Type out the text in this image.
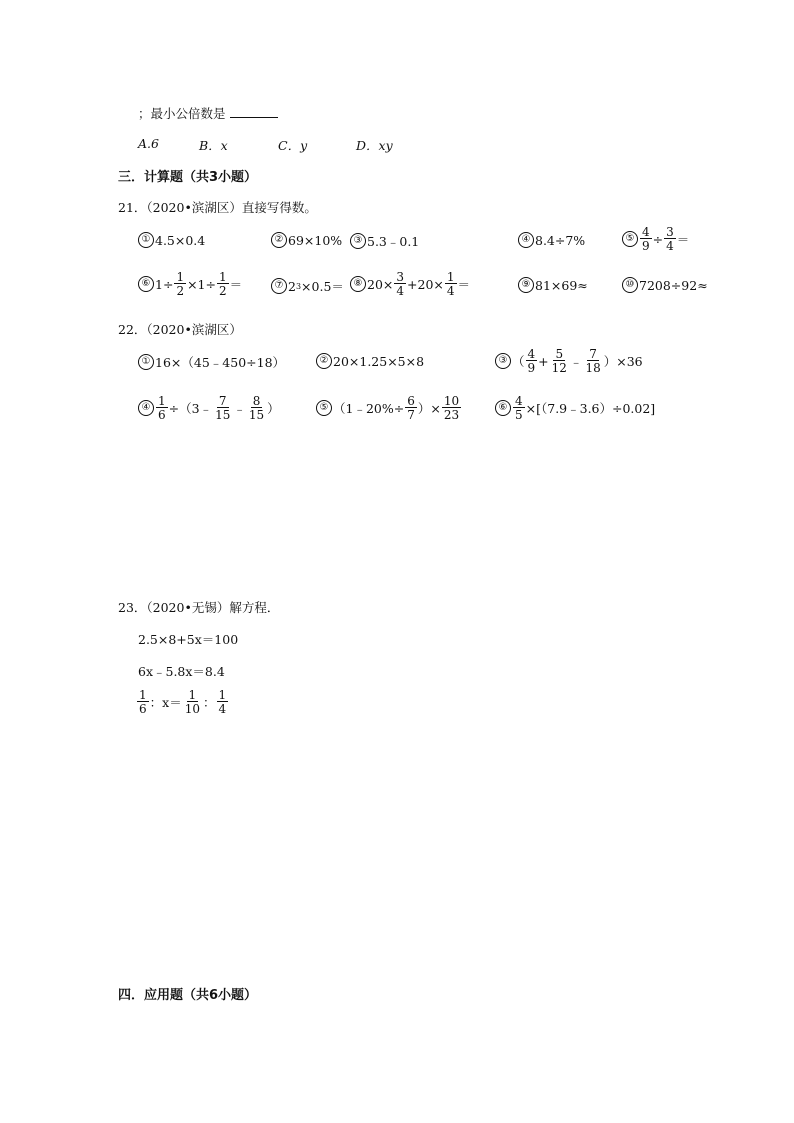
；最小公倍数是
A.6	B．x	C．y	D．xy
三．计算题（共3小题）
21．（2020•滨湖区）直接写得数。
① 4.5×0.4	② 69×10%	③ 5.3﹣0.1	④ 8.4÷7%	⑤ $\frac{4}{9} \div \frac{3}{4}$ ＝
⑥ $1\div \frac{1}{2} \times 1\div \frac{1}{2}$ ＝	⑦ 2 3 ×0.5＝ ⑧ $20\times \frac{3}{4} +20\times \frac{1}{4}$ ＝	⑨ 81×69≈	⑩ 7208÷92≈
22．（2020•滨湖区）
① 16×（45﹣450÷18）	② 20×1.25×5×8	③ （ $\frac{4}{9} + \frac{5}{12}$ ﹣ $\frac{7}{18} )\times 36$
④ $\frac{1}{6}$ ÷（3﹣ $\frac{7}{15}$ ﹣ $\frac{8}{15}$ ）	⑤ （1﹣20%÷ $\frac{6}{7}$ ）× $\frac{10}{23}$	⑥ $\frac{4}{5}$ ×[（7.9﹣3.6）÷0.02]
23．（2020•无锡）解方程．
2.5×8+5x＝100
6x﹣5.8x＝8.4
$\frac{1}{6}$ ：$x= \frac{1}{10}$ ： $\frac{1}{4}$
四．应用题（共6小题）
